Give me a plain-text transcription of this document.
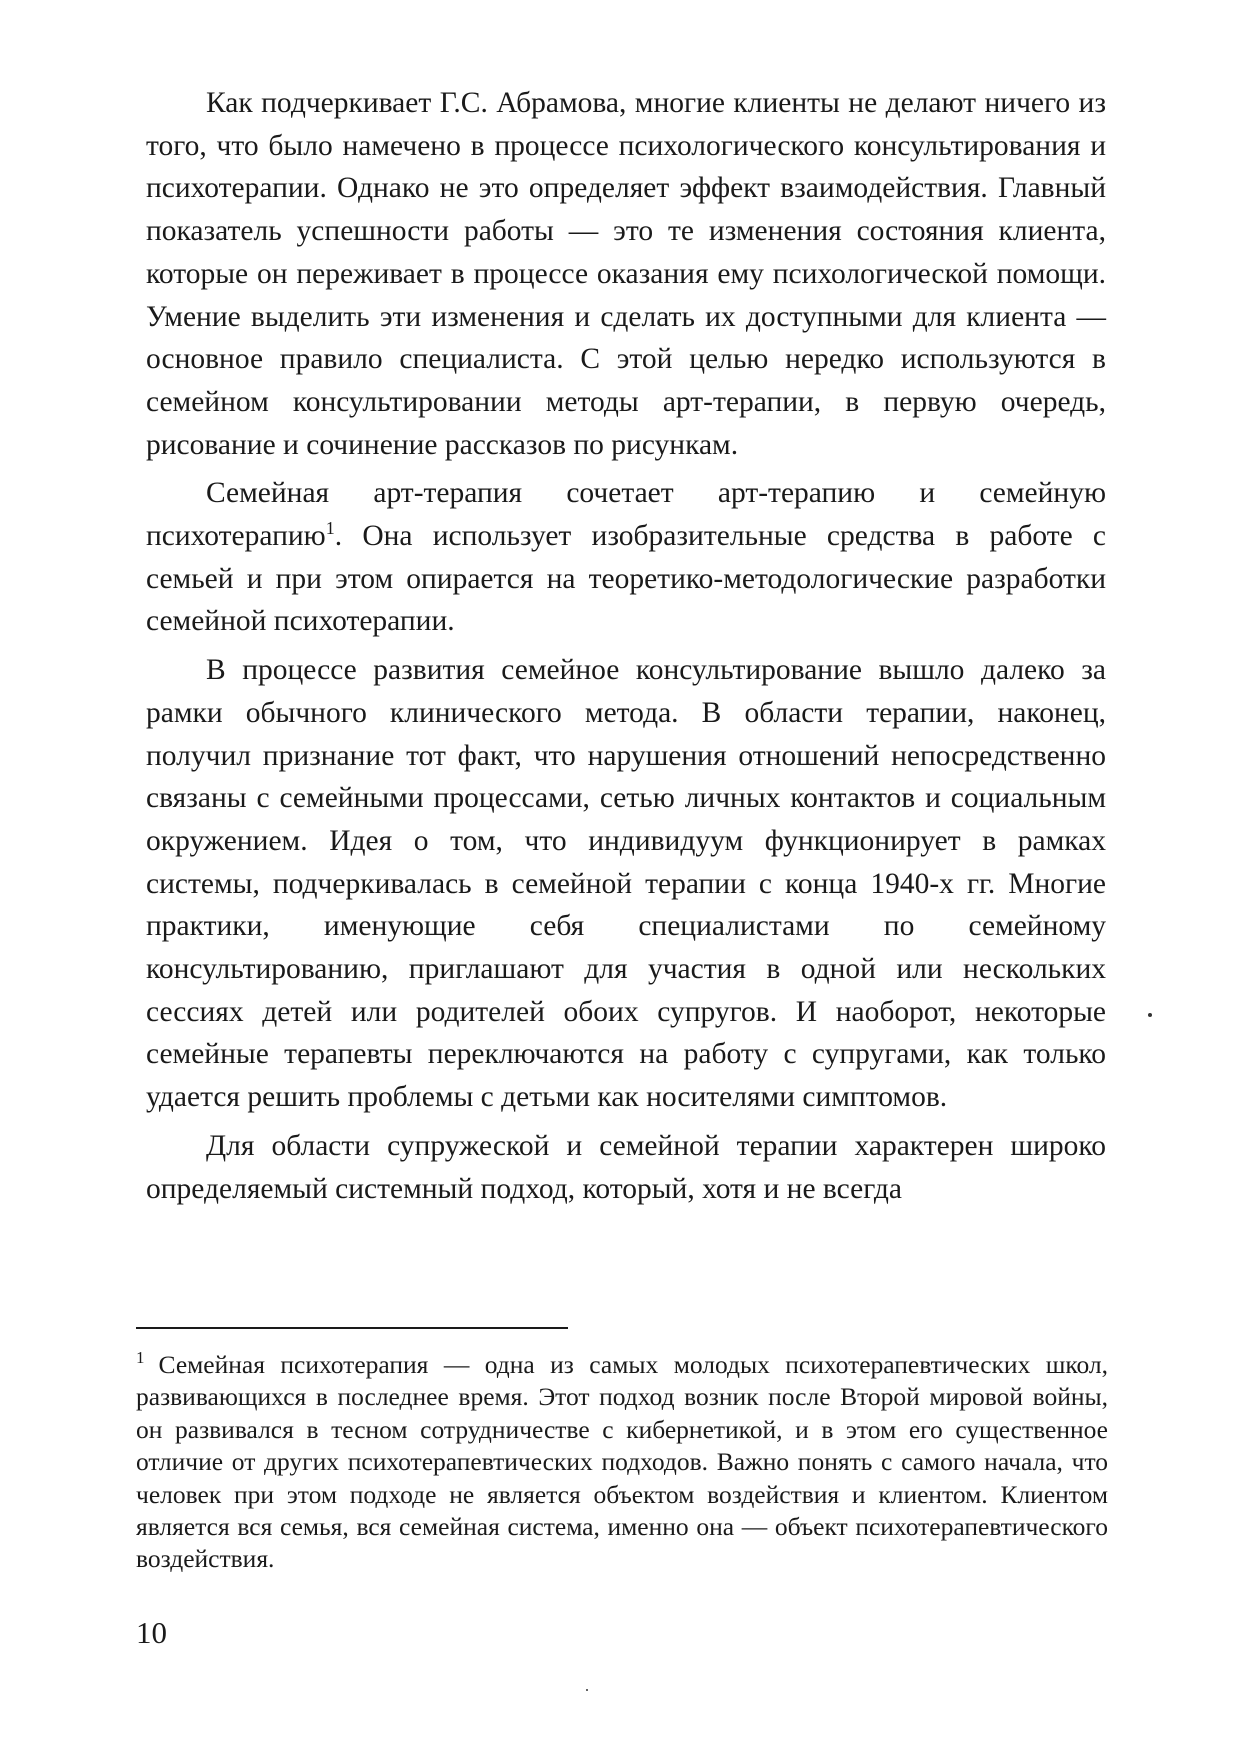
Как подчеркивает Г.С. Абрамова, многие клиенты не делают ничего из того, что было намечено в процессе психологического консультирования и психотерапии. Однако не это определяет эффект взаимодействия. Главный показатель успешности работы — это те изменения состояния клиента, которые он переживает в процессе оказания ему психологической помощи. Умение выделить эти изменения и сделать их доступными для клиента — основное правило специалиста. С этой целью нередко используются в семейном консультировании методы арт-терапии, в первую очередь, рисование и сочинение рассказов по рисункам.

Семейная арт-терапия сочетает арт-терапию и семейную психотерапию$^1$. Она использует изобразительные средства в работе с семьей и при этом опирается на теоретико-методологические разработки семейной психотерапии.

В процессе развития семейное консультирование вышло далеко за рамки обычного клинического метода. В области терапии, наконец, получил признание тот факт, что нарушения отношений непосредственно связаны с семейными процессами, сетью личных контактов и социальным окружением. Идея о том, что индивидуум функционирует в рамках системы, подчеркивалась в семейной терапии с конца 1940-х гг. Многие практики, именующие себя специалистами по семейному консультированию, приглашают для участия в одной или нескольких сессиях детей или родителей обоих супругов. И наоборот, некоторые семейные терапевты переключаются на работу с супругами, как только удается решить проблемы с детьми как носителями симптомов.

Для области супружеской и семейной терапии характерен широко определяемый системный подход, который, хотя и не всегда

$^1$ Семейная психотерапия — одна из самых молодых психотерапевтических школ, развивающихся в последнее время. Этот подход возник после Второй мировой войны, он развивался в тесном сотрудничестве с кибернетикой, и в этом его существенное отличие от других психотерапевтических подходов. Важно понять с самого начала, что человек при этом подходе не является объектом воздействия и клиентом. Клиентом является вся семья, вся семейная система, именно она — объект психотерапевтического воздействия.

10
